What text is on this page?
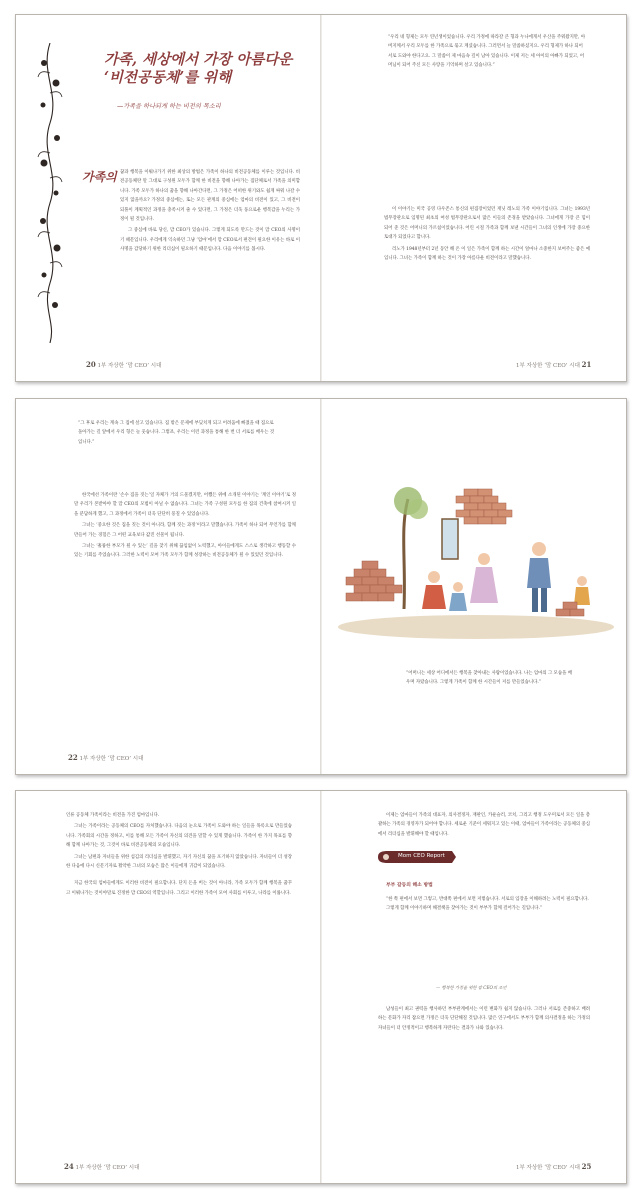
가족, 세상에서 가장 아름다운 ‘비전공동체’를 위해
—가족을 하나되게 하는 비전의 목소리
가족의 꿈과 행복을 이뤄나가기 위한 최상의 방법은 가족이 하나의 비전공동체를 이루는 것입니다. 비전공동체란 말 그대로 구성원 모두가 함께 한 비전을 향해 나아가는 집단체로서 가족을 의미합니다. 가족 모두가 하나의 꿈을 향해 나아간다면, 그 가정은 어떠한 위기와도 쉽게 싸워 나갈 수 있지 않을까요? 가정의 중심에는, 또는 모든 관계의 중심에는 엄마의 비전이 있고, 그 비전이 되풀이 계획적인 과정을 충족시켜 줄 수 있다면, 그 가정은 더욱 풍요로운 행복감을 누리는 가정이 될 것입니다.

그 중심에 바로 당신, 맘 CEO가 있습니다. 그렇게 되도록 만드는 것이 맘 CEO의 사명이기 때문입니다. 우리에게 익숙하던 그냥 ‘엄마’에서 맘 CEO로서 편견이 필요한 이유는 바로 이 사명을 감당하기 위한 리더십이 필요하기 때문입니다. 다음 이야기를 봅시다.

20 1부 자상한 ‘맘 CEO’ 시대
“우리 네 형제는 모두 연년생이었습니다. 우리 가정에 따라갈 큰 형과 누나에게서 우산을 주워왔지만, 아버지께서 우리 모두를 한 가족으로 묶고 계셨습니다. 그러면서 늘 말씀하셨지요. 우리 형제가 하나 되어 서로 도와야 한다고요. 그 말씀이 제 마음속 깊이 남아 있습니다. 이제 저는 세 아이의 아빠가 되었고, 어머님이 되어 주신 모든 사랑을 기억하며 살고 있습니다.”

이 이야기는 미국 공영 다우존스 통신의 편집장이었던 재닛 레노의 가족 이야기입니다. 그녀는 1993년 법무장관으로 임명된 최초의 여성 법무장관으로서 많은 이들의 존경을 받았습니다. 그녀에게 가장 큰 힘이 되어 준 것은 어머니의 가르침이었습니다. 어린 시절 가족과 함께 보낸 시간들이 그녀의 인생에 가장 중요한 토대가 되었다고 합니다.

리노가 1948년부터 2년 동안 해 온 이 일은 가족이 함께 하는 시간이 얼마나 소중한지 보여주는 좋은 예입니다. 그녀는 가족이 함께 하는 것이 가장 아름다운 비전이라고 말했습니다.

1부 자상한 ‘맘 CEO’ 시대 21
“그 후로 우리는 계속 그 집에 살고 있습니다. 집 밖은 문제에 부딪치게 되고 어려움에 빠졌을 때 집으로 돌아가는 길 앞에서 우리 형은 늘 웃습니다. 그렇죠, 우리는 이런 과정을 통해 한 번 더 서로를 배우는 것입니다.”

한국에선 가족이란 ‘손수 집을 짓는’일 자체가 거의 드물겠지만, 어쨌든 위에 소개된 이야기는 ‘계인 이야기’로 정말 우리가 본받아야 할 맘 CEO의 모범이 아닐 수 없습니다. 그녀는 가족 구성원 모두를 한 집의 건축에 참여시켜 일을 분담하게 했고, 그 과정에서 가족이 더욱 단단히 뭉칠 수 있었습니다.

그녀는 ‘중요한 것은 집을 짓는 것이 아니라, 함께 짓는 과정’이라고 말했습니다. 가족이 하나 되어 무언가를 함께 만들어 가는 경험은 그 어떤 교육보다 값진 선물이 됩니다.

그녀는 ‘훌륭한 부모가 될 수 있는’ 길을 찾기 위해 끊임없이 노력했고, 아이들에게도 스스로 생각하고 행동할 수 있는 기회를 주었습니다. 그러한 노력이 모여 가족 모두가 함께 성장하는 비전공동체가 될 수 있었던 것입니다.

22 1부 자상한 ‘맘 CEO’ 시대
“어머니는 세상 어디에서든 행복을 찾아내는 사람이었습니다. 나는 엄마의 그 모습을 배우며 자랐습니다. 그렇게 가족이 함께 한 시간들이 저를 만들었습니다.”

인류 공동체 가족이라는 비전을 가진 엄마입니다.

그녀는 가족이라는 공동체의 CEO를 자처했습니다. 다음의 눈으로 가족이 도와야 하는 일들을 목록으로 만들었습니다. 가족회의 시간을 정하고, 이를 통해 모든 가족이 자신의 의견을 말할 수 있게 했습니다. 가족이 한 가지 목표를 향해 함께 나아가는 것, 그것이 바로 비전공동체의 모습입니다.

그녀는 남편과 자녀들을 위한 섬김의 리더십을 발휘했고, 자기 자신의 꿈을 포기하지 않았습니다. 자녀들이 더 성장한 다음에 다시 신문기자로 활약한 그녀의 모습은 많은 이들에게 귀감이 되었습니다.

지금 한국의 엄마들에게도 이러한 비전이 필요합니다. 단지 돈을 버는 것이 아니라, 가족 모두가 함께 행복을 꿈꾸고 이뤄나가는 것이야말로 진정한 맘 CEO의 역할입니다. 그리고 이러한 가족이 모여 사회를 이루고, 나라를 이룹니다.

24 1부 자상한 ‘맘 CEO’ 시대

이제는 엄마들이 가족의 대표자, 의사결정자, 재판인, 카운슬러, 코치, 그리고 행정 도우미로서 모든 일을 총괄하는 가족의 경영자가 되어야 합니다. 세로운 기준이 세워지고 있는 이때, 엄마들이 가족이라는 공동체의 중심에서 리더십을 발휘해야 할 때입니다.

Mom CEO Report
부부 갈등의 해소 방법
“한 쪽 편에서 보면 그렇고, 반대쪽 편에서 보면 저렇습니다. 서로의 입장을 이해하려는 노력이 필요합니다. 그렇게 함께 이야기하며 해결책을 찾아가는 것이 부부가 함께 걸어가는 길입니다.”
— 행복한 가정을 위한 맘 CEO의 조언

남성들이 최고 권력을 행사하던 부부관계에서는 이런 변화가 쉽지 않습니다. 그러나 서로를 존중하고 배려하는 문화가 자리 잡으면 가정은 더욱 단단해질 것입니다. 많은 연구에서도 부부가 함께 의사결정을 하는 가정의 자녀들이 더 안정적이고 행복하게 자란다는 결과가 나와 있습니다.

1부 자상한 ‘맘 CEO’ 시대 25
